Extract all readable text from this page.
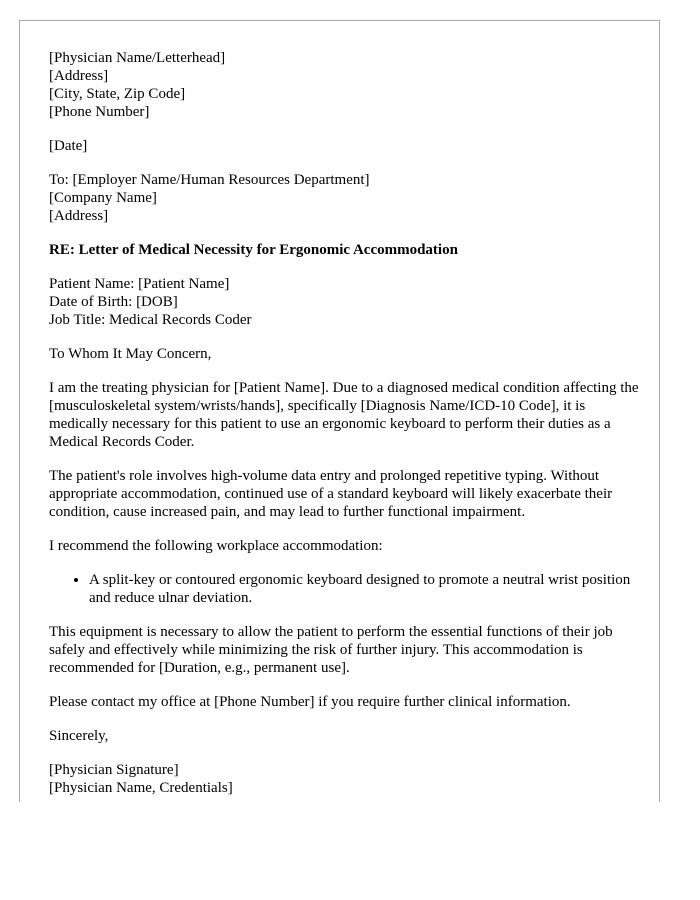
[Physician Name/Letterhead]
[Address]
[City, State, Zip Code]
[Phone Number]
[Date]
To: [Employer Name/Human Resources Department]
[Company Name]
[Address]
RE: Letter of Medical Necessity for Ergonomic Accommodation
Patient Name: [Patient Name]
Date of Birth: [DOB]
Job Title: Medical Records Coder

To Whom It May Concern,

I am the treating physician for [Patient Name]. Due to a diagnosed medical condition affecting the [musculoskeletal system/wrists/hands], specifically [Diagnosis Name/ICD-10 Code], it is medically necessary for this patient to use an ergonomic keyboard to perform their duties as a Medical Records Coder.

The patient's role involves high-volume data entry and prolonged repetitive typing. Without appropriate accommodation, continued use of a standard keyboard will likely exacerbate their condition, cause increased pain, and may lead to further functional impairment.

I recommend the following workplace accommodation:

• A split-key or contoured ergonomic keyboard designed to promote a neutral wrist position and reduce ulnar deviation.

This equipment is necessary to allow the patient to perform the essential functions of their job safely and effectively while minimizing the risk of further injury. This accommodation is recommended for [Duration, e.g., permanent use].

Please contact my office at [Phone Number] if you require further clinical information.

Sincerely,

[Physician Signature]
[Physician Name, Credentials]
